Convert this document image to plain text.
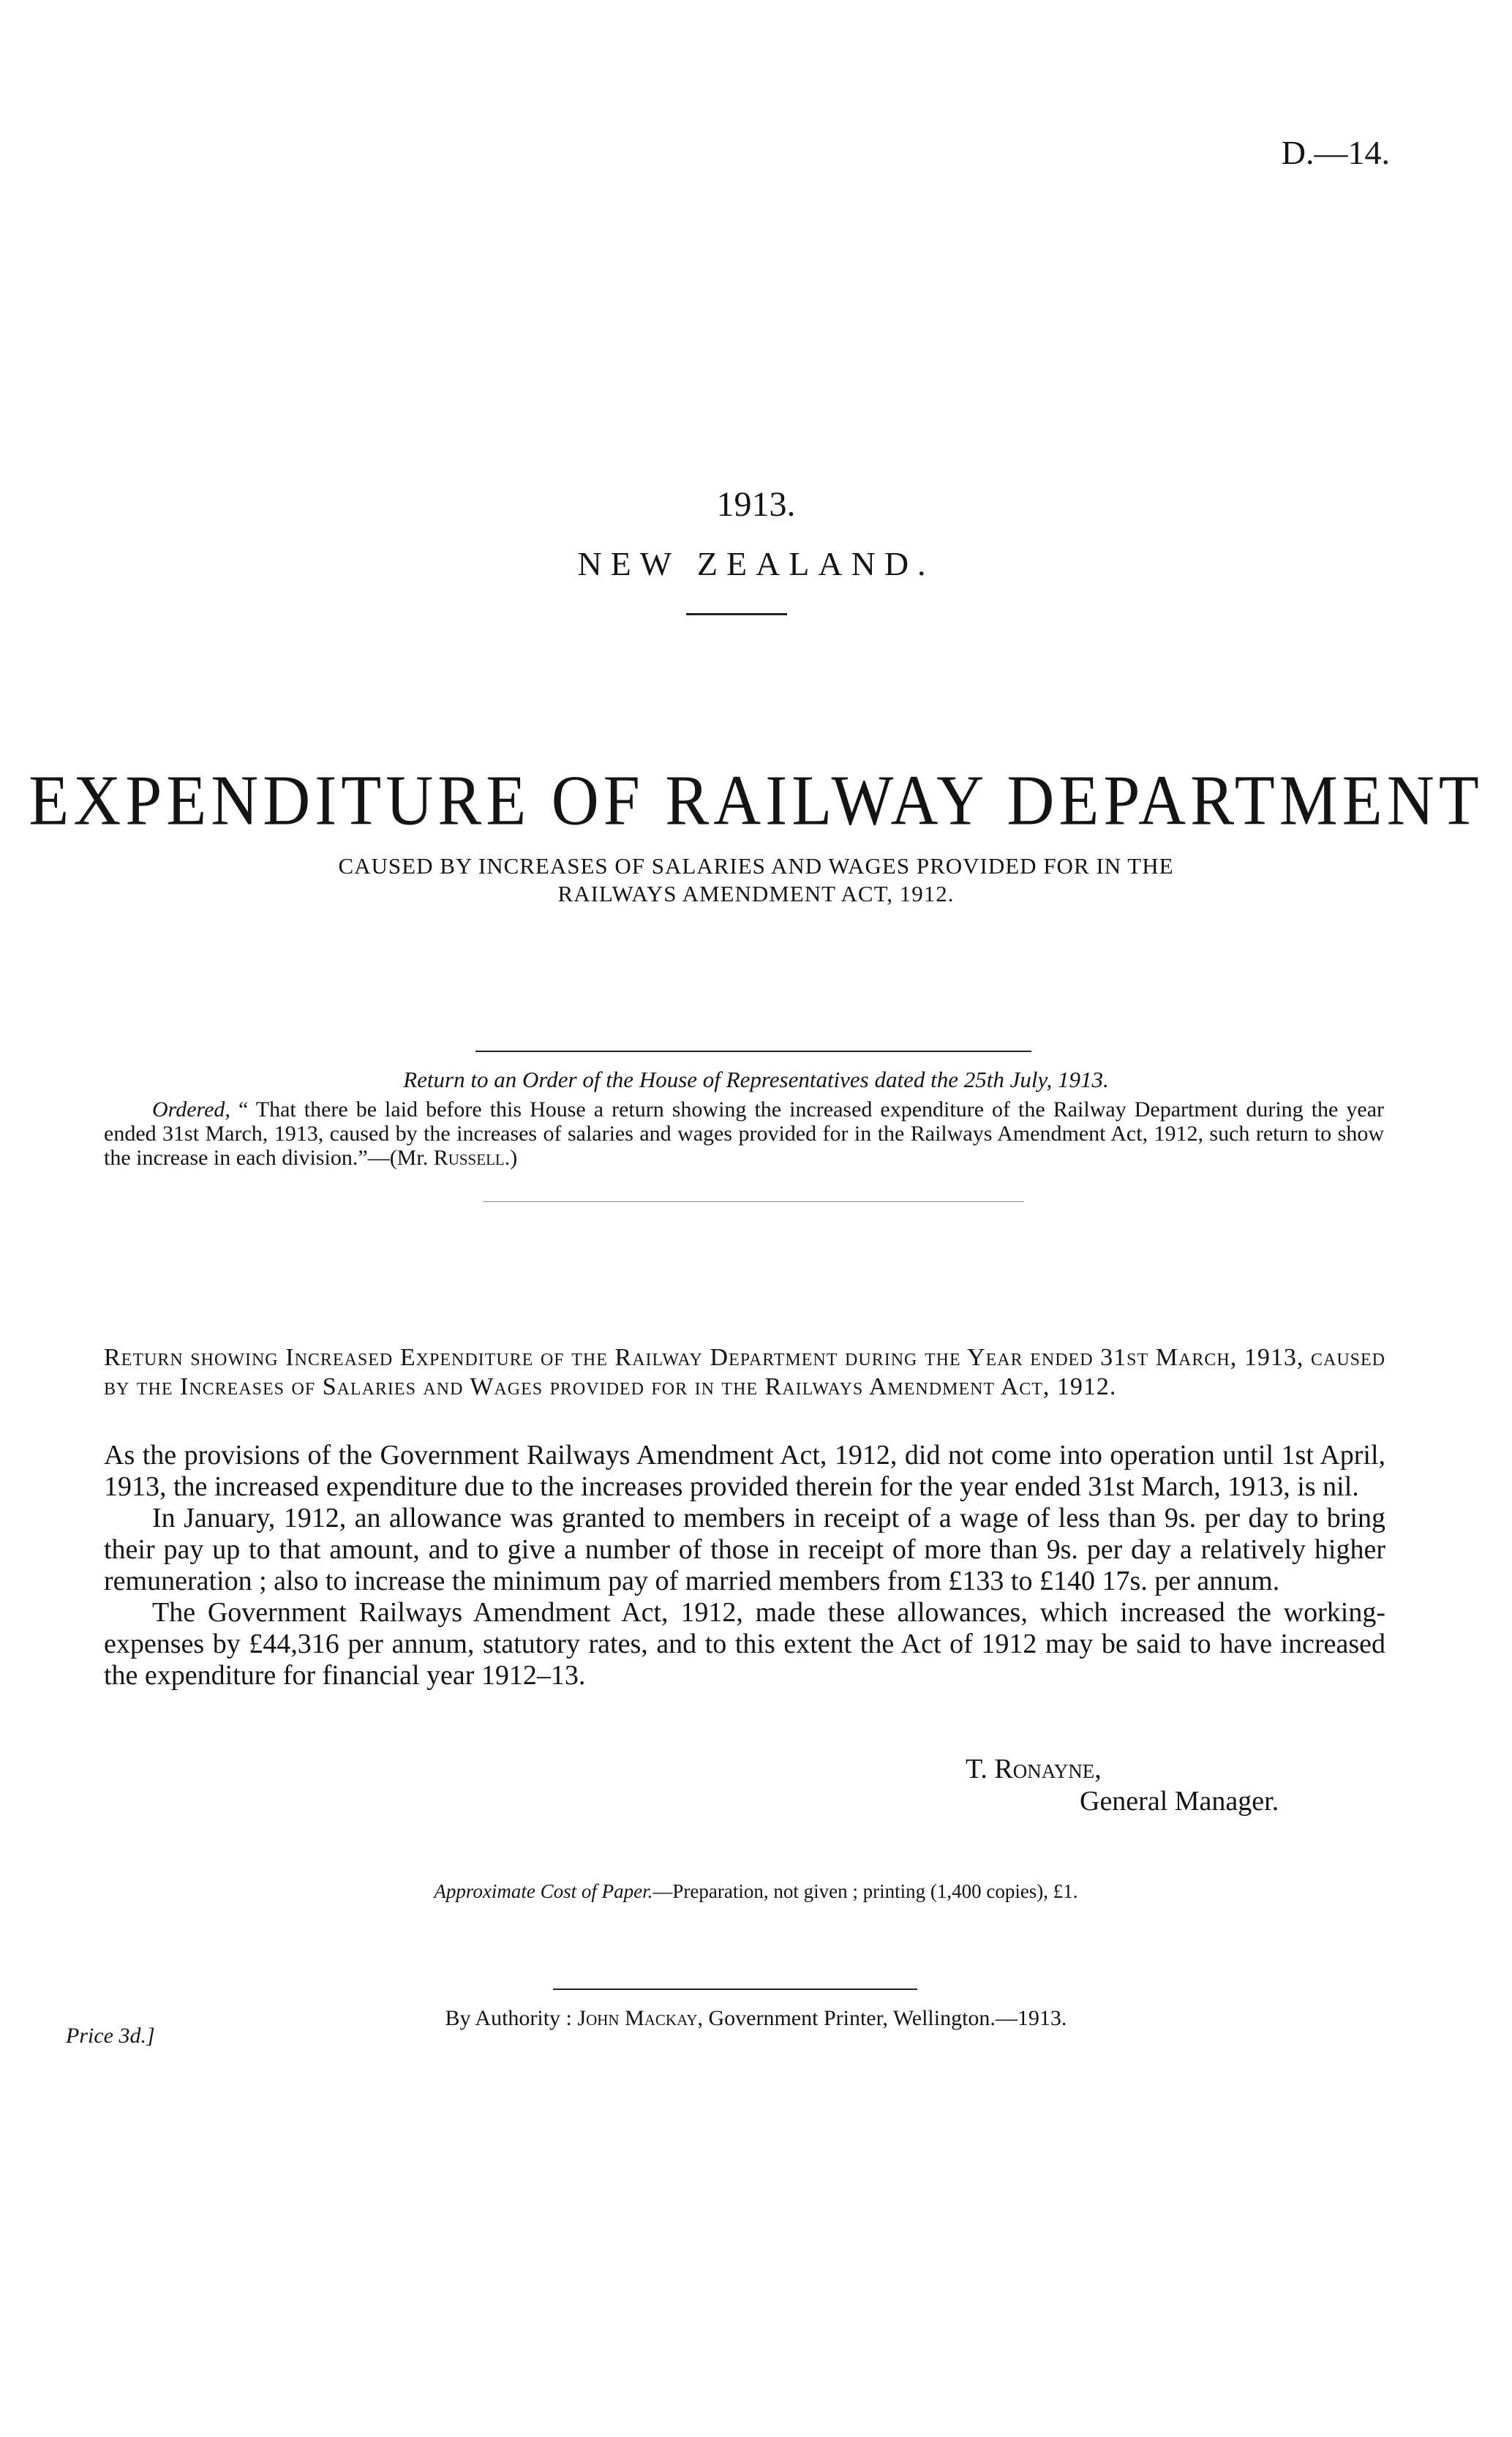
D.—14.
1913.
NEW ZEALAND.
EXPENDITURE OF RAILWAY DEPARTMENT
CAUSED BY INCREASES OF SALARIES AND WAGES PROVIDED FOR IN THE
RAILWAYS AMENDMENT ACT, 1912.
Return to an Order of the House of Representatives dated the 25th July, 1913.

Ordered, “ That there be laid before this House a return showing the increased expenditure of the Railway Department during the year ended 31st March, 1913, caused by the increases of salaries and wages provided for in the Railways Amendment Act, 1912, such return to show the increase in each division.”—(Mr. Russell.)

Return showing Increased Expenditure of the Railway Department during the Year ended 31st March, 1913, caused by the Increases of Salaries and Wages provided for in the Railways Amendment Act, 1912.

As the provisions of the Government Railways Amendment Act, 1912, did not come into operation until 1st April, 1913, the increased expenditure due to the increases provided therein for the year ended 31st March, 1913, is nil.

In January, 1912, an allowance was granted to members in receipt of a wage of less than 9s. per day to bring their pay up to that amount, and to give a number of those in receipt of more than 9s. per day a relatively higher remuneration ; also to increase the minimum pay of married members from £133 to £140 17s. per annum.

The Government Railways Amendment Act, 1912, made these allowances, which increased the working-expenses by £44,316 per annum, statutory rates, and to this extent the Act of 1912 may be said to have increased the expenditure for financial year 1912–13.

T. Ronayne,
General Manager.
Approximate Cost of Paper.—Preparation, not given ; printing (1,400 copies), £1.
By Authority : John Mackay, Government Printer, Wellington.—1913.
Price 3d.]
